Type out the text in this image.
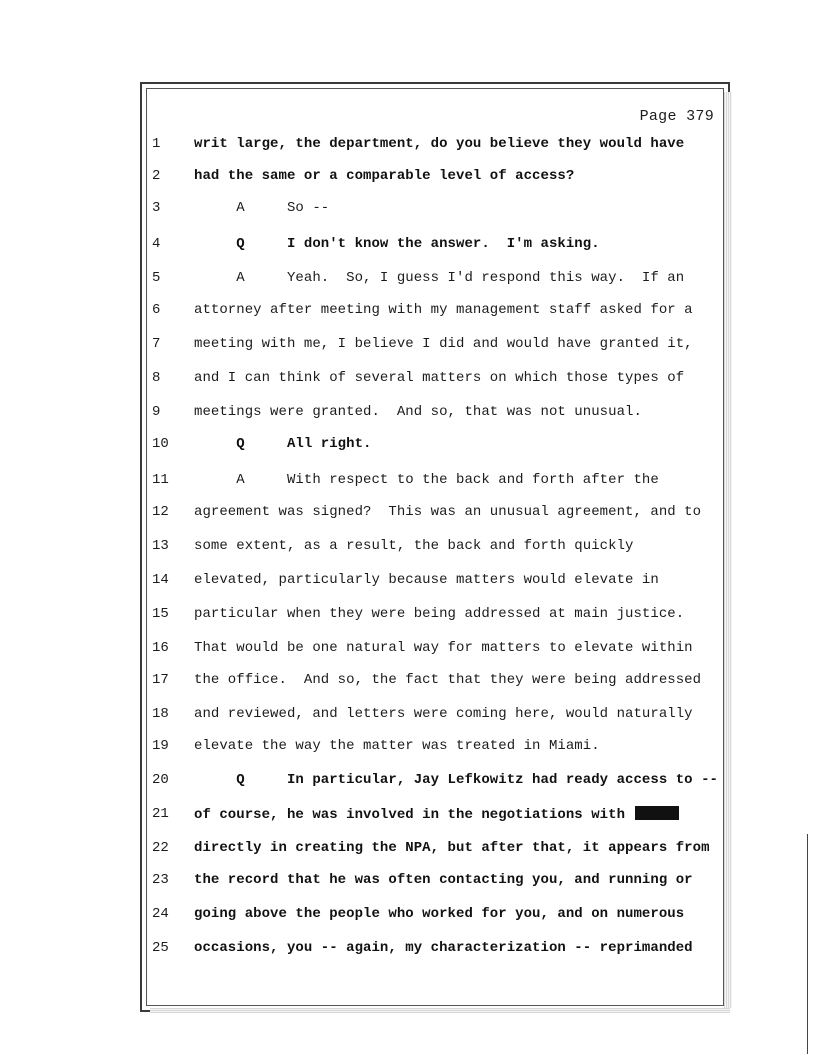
Page 379
1	writ large, the department, do you believe they would have
2	had the same or a comparable level of access?
3	A     So --
4	Q     I don't know the answer.  I'm asking.
5	A     Yeah.  So, I guess I'd respond this way.  If an
6	attorney after meeting with my management staff asked for a
7	meeting with me, I believe I did and would have granted it,
8	and I can think of several matters on which those types of
9	meetings were granted.  And so, that was not unusual.
10 Q     All right.
11 A     With respect to the back and forth after the
12 agreement was signed?  This was an unusual agreement, and to
13 some extent, as a result, the back and forth quickly
14 elevated, particularly because matters would elevate in
15 particular when they were being addressed at main justice.
16 That would be one natural way for matters to elevate within
17 the office.  And so, the fact that they were being addressed
18 and reviewed, and letters were coming here, would naturally
19 elevate the way the matter was treated in Miami.
20 Q     In particular, Jay Lefkowitz had ready access to --
21 of course, he was involved in the negotiations with
22 directly in creating the NPA, but after that, it appears from
23 the record that he was often contacting you, and running or
24 going above the people who worked for you, and on numerous
25 occasions, you -- again, my characterization -- reprimanded
